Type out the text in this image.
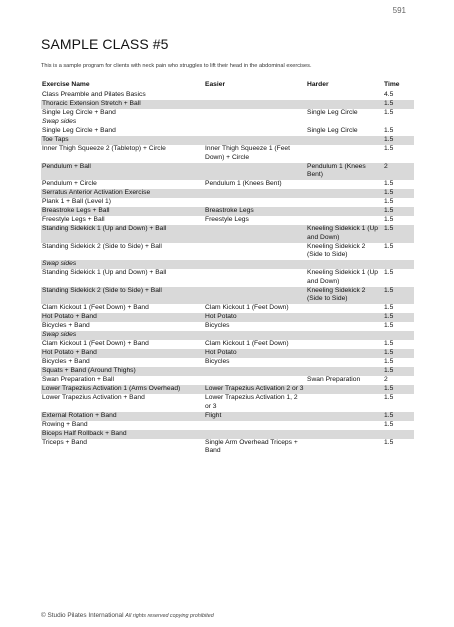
591
SAMPLE CLASS #5
This is a sample program for clients with neck pain who struggles to lift their head in the abdominal exercises.
Exercise Name	Easier	Harder	Time
Class Preamble and Pilates Basics			4.5
Thoracic Extension Stretch + Ball			1.5
Single Leg Circle + Band		Single Leg Circle	1.5
Swap sides			
Single Leg Circle + Band		Single Leg Circle	1.5
Toe Taps			1.5
Inner Thigh Squeeze 2 (Tabletop) + Circle	Inner Thigh Squeeze 1 (Feet Down) + Circle		1.5
Pendulum + Ball		Pendulum 1 (Knees Bent)	2
Pendulum + Circle	Pendulum 1 (Knees Bent)		1.5
Serratus Anterior Activation Exercise			1.5
Plank 1 + Ball (Level 1)			1.5
Breastroke Legs + Ball	Breastroke Legs		1.5
Freestyle Legs + Ball	Freestyle Legs		1.5
Standing Sidekick 1 (Up and Down) + Ball		Kneeling Sidekick 1 (Up and Down)	1.5
Standing Sidekick 2 (Side to Side) + Ball		Kneeling Sidekick 2 (Side to Side)	1.5
Swap sides			
Standing Sidekick 1 (Up and Down) + Ball		Kneeling Sidekick 1 (Up and Down)	1.5
Standing Sidekick 2 (Side to Side) + Ball		Kneeling Sidekick 2 (Side to Side)	1.5
Clam Kickout 1 (Feet Down) + Band	Clam Kickout 1 (Feet Down)		1.5
Hot Potato + Band	Hot Potato		1.5
Bicycles + Band	Bicycles		1.5
Swap sides			
Clam Kickout 1 (Feet Down) + Band	Clam Kickout 1 (Feet Down)		1.5
Hot Potato + Band	Hot Potato		1.5
Bicycles + Band	Bicycles		1.5
Squats + Band (Around Thighs)			1.5
Swan Preparation + Ball		Swan Preparation	2
Lower Trapezius Activation 1 (Arms Overhead)	Lower Trapezius Activation 2 or 3		1.5
Lower Trapezius Activation + Band	Lower Trapezius Activation 1, 2 or 3		1.5
External Rotation + Band	Flight		1.5
Rowing + Band			1.5
Biceps Half Rollback + Band			
Triceps + Band	Single Arm Overhead Triceps + Band		1.5
© Studio Pilates International All rights reserved copying prohibited
